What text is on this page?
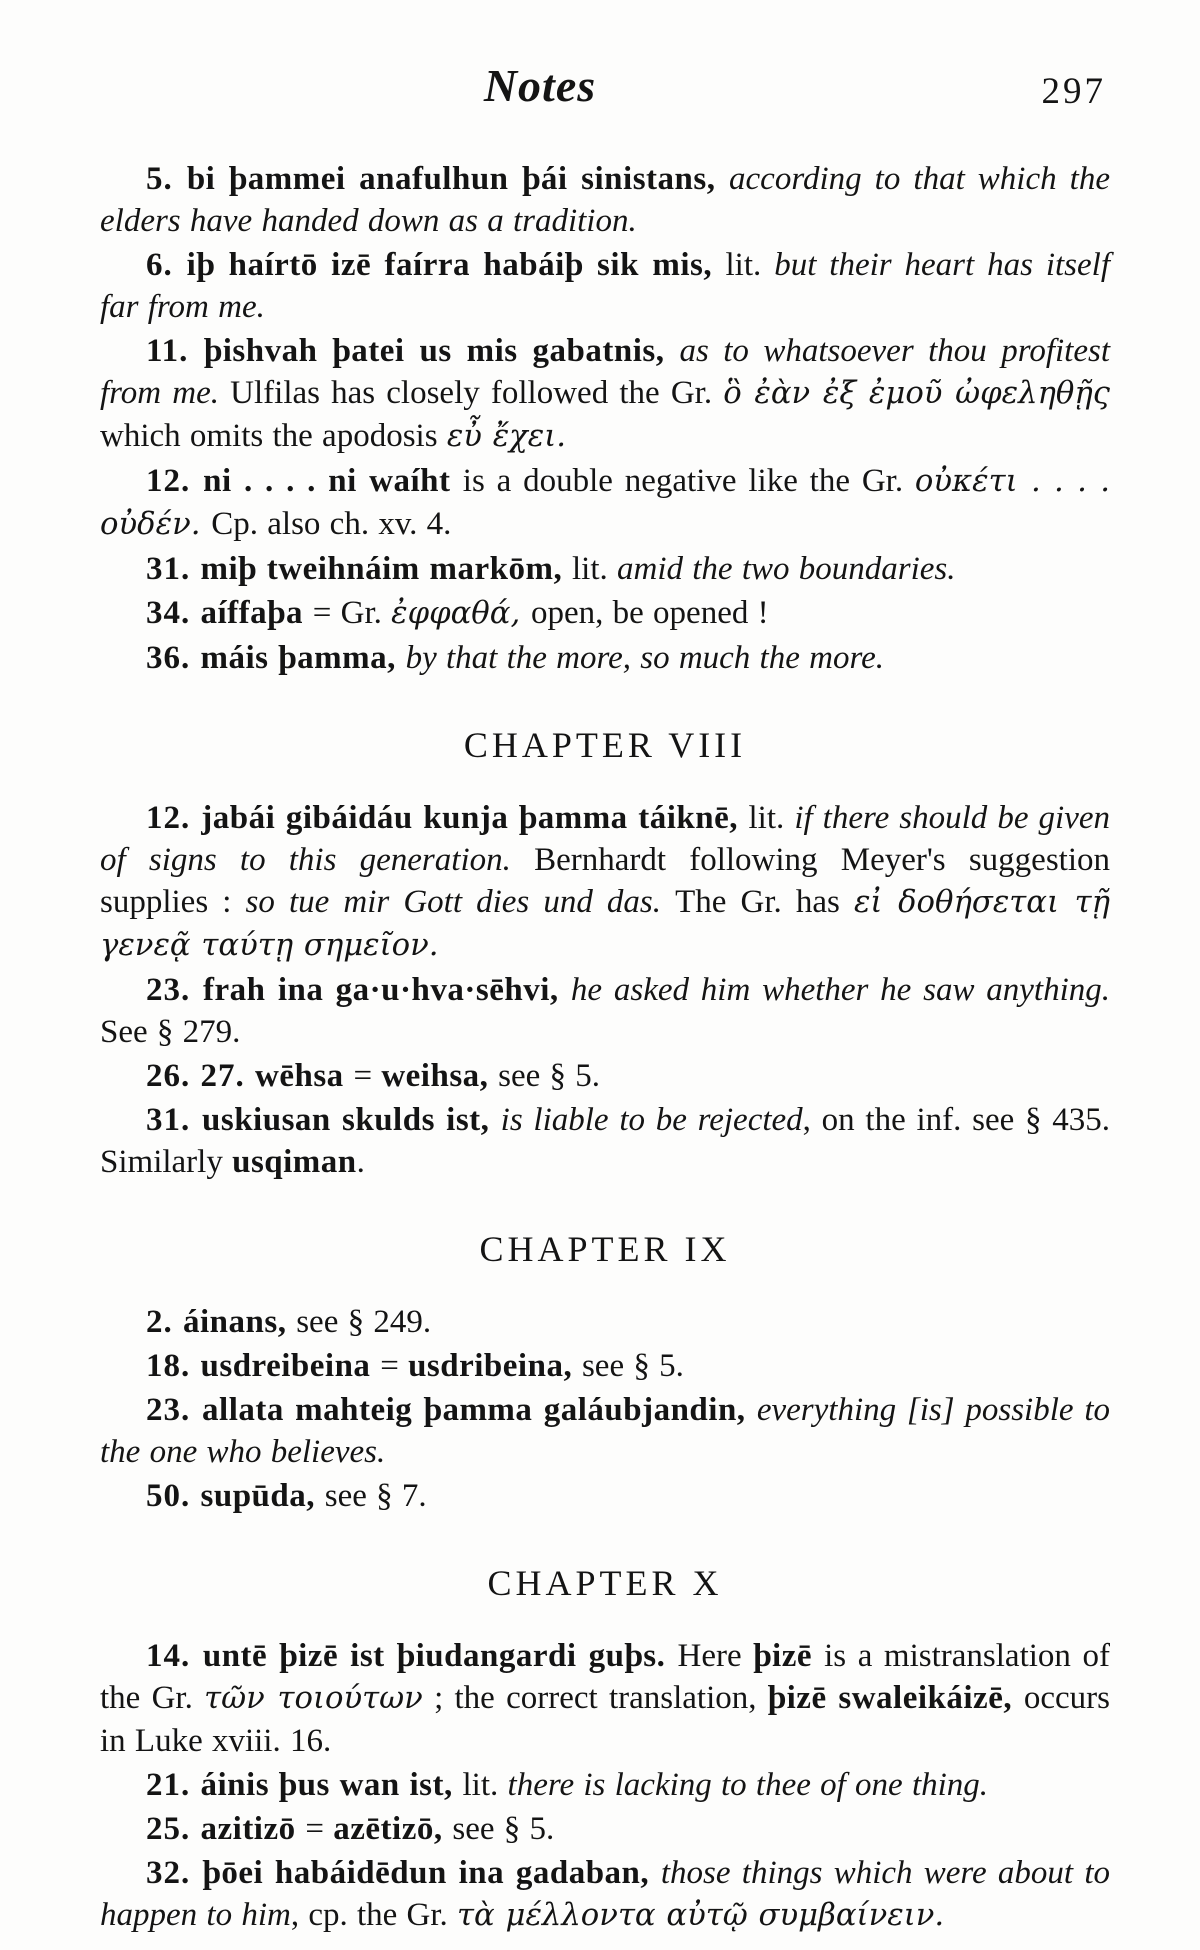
Notes	297

5. bi þammei anafulhun þái sinistans, according to that which the elders have handed down as a tradition.

6. iþ haírtō izē faírra habáiþ sik mis, lit. but their heart has itself far from me.

11. þishvah þatei us mis gabatnis, as to whatsoever thou profitest from me. Ulfilas has closely followed the Gr. ὃ ἐὰν ἐξ ἐμοῦ ὠφεληθῇς which omits the apodosis εὖ ἔχει.

12. ni . . . . ni waíht is a double negative like the Gr. οὐκέτι . . . . οὐδέν. Cp. also ch. xv. 4.

31. miþ tweihnáim markōm, lit. amid the two boundaries.

34. aíffaþa = Gr. ἐφφαθά, open, be opened !

36. máis þamma, by that the more, so much the more.

CHAPTER VIII

12. jabái gibáidáu kunja þamma táiknē, lit. if there should be given of signs to this generation. Bernhardt following Meyer's suggestion supplies : so tue mir Gott dies und das. The Gr. has εἰ δοθήσεται τῇ γενεᾷ ταύτῃ σημεῖον.

23. frah ina ga·u·hva·sēhvi, he asked him whether he saw anything. See § 279.

26. 27. wēhsa = weihsa, see § 5.

31. uskiusan skulds ist, is liable to be rejected, on the inf. see § 435. Similarly usqiman.

CHAPTER IX

2. áinans, see § 249.

18. usdreibeina = usdribeina, see § 5.

23. allata mahteig þamma galáubjandin, everything [is] possible to the one who believes.

50. supūda, see § 7.

CHAPTER X

14. untē þizē ist þiudangardi guþs. Here þizē is a mistranslation of the Gr. τῶν τοιούτων ; the correct translation, þizē swaleikáizē, occurs in Luke xviii. 16.

21. áinis þus wan ist, lit. there is lacking to thee of one thing.

25. azitizō = azētizō, see § 5.

32. þōei habáidēdun ina gadaban, those things which were about to happen to him, cp. the Gr. τὰ μέλλοντα αὐτῷ συμβαίνειν.
